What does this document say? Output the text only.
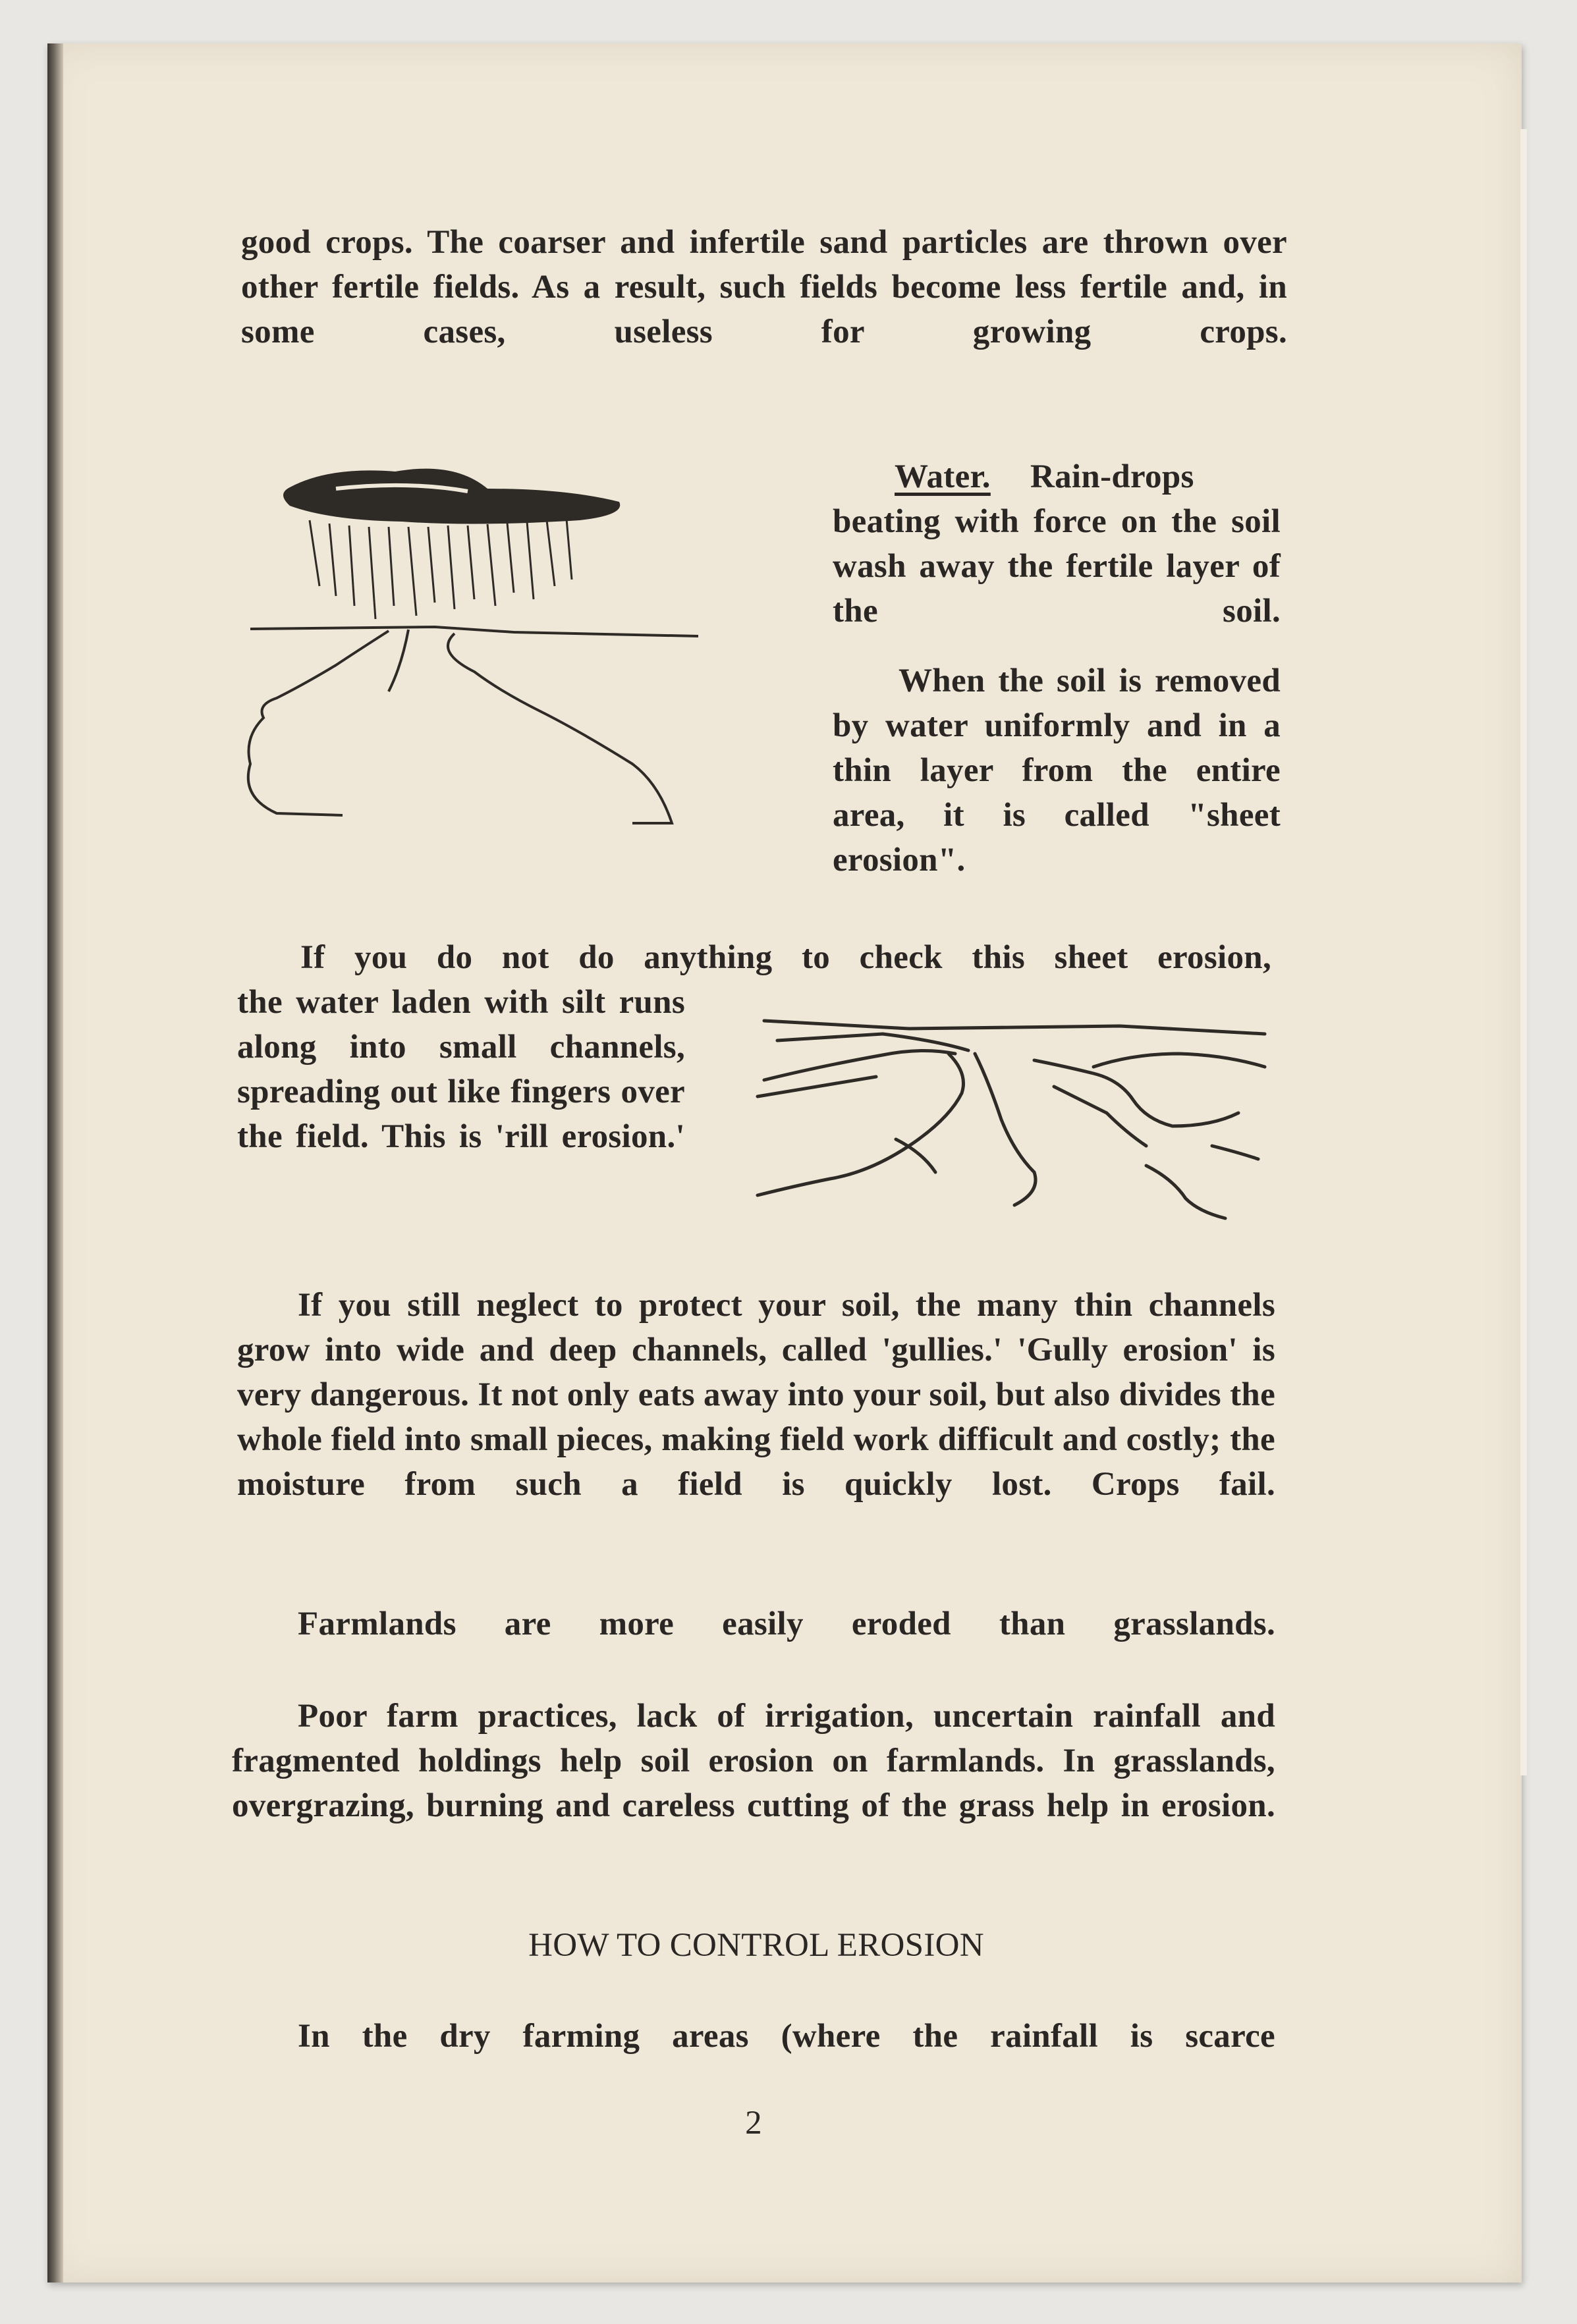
good crops. The coarser and infertile sand particles are thrown over other fertile fields. As a result, such fields become less fertile and, in some cases, useless for growing crops.

Water.	Rain-drops beating with force on the soil wash away the fertile layer of the soil.

When the soil is removed by water uniformly and in a thin layer from the entire area, it is called "sheet erosion".

If you do not do anything to check this sheet erosion,

the water laden with silt runs along into small channels, spreading out like fingers over the field. This is 'rill erosion.'

If you still neglect to protect your soil, the many thin channels grow into wide and deep channels, called 'gullies.' 'Gully erosion' is very dangerous. It not only eats away into your soil, but also divides the whole field into small pieces, making field work difficult and costly; the moisture from such a field is quickly lost. Crops fail.

Farmlands are more easily eroded than grasslands.

Poor farm practices, lack of irrigation, uncertain rainfall and fragmented holdings help soil erosion on farmlands. In grasslands, overgrazing, burning and careless cutting of the grass help in erosion.

HOW TO CONTROL EROSION

In the dry farming areas (where the rainfall is scarce

2
